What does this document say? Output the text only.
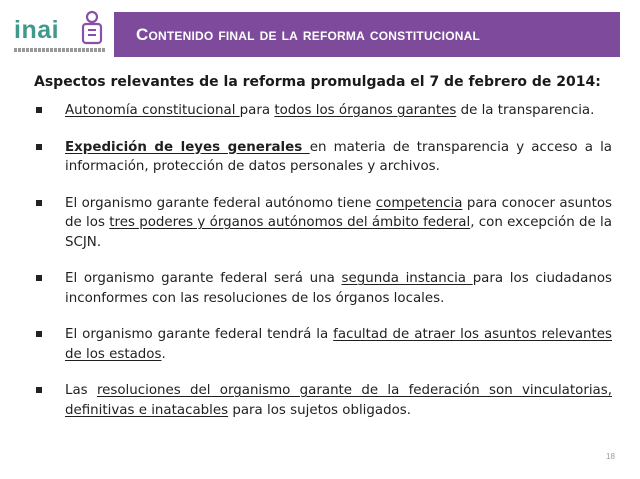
inai	Contenido final de la reforma constitucional

Aspectos relevantes de la reforma promulgada el 7 de febrero de 2014:

Autonomía constitucional para todos los órganos garantes de la transparencia.
Expedición de leyes generales en materia de transparencia y acceso a la información, protección de datos personales y archivos.
El organismo garante federal autónomo tiene competencia para conocer asuntos de los tres poderes y órganos autónomos del ámbito federal, con excepción de la SCJN.
El organismo garante federal será una segunda instancia para los ciudadanos inconformes con las resoluciones de los órganos locales.
El organismo garante federal tendrá la facultad de atraer los asuntos relevantes de los estados.
Las resoluciones del organismo garante de la federación son vinculatorias, definitivas e inatacables para los sujetos obligados.
18
